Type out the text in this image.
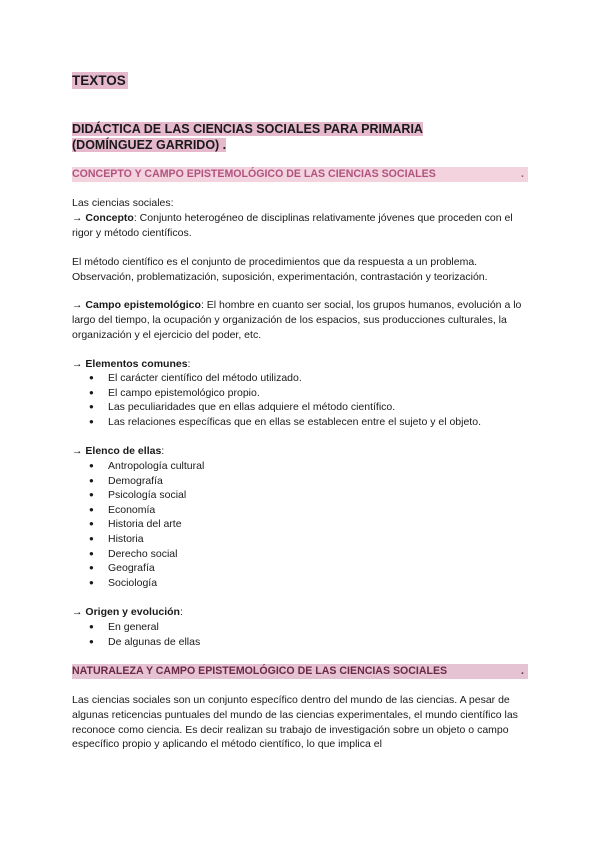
TEXTOS
DIDÁCTICA DE LAS CIENCIAS SOCIALES PARA PRIMARIA (DOMÍNGUEZ GARRIDO) .
CONCEPTO Y CAMPO EPISTEMOLÓGICO DE LAS CIENCIAS SOCIALES	.
Las ciencias sociales:
→ Concepto: Conjunto heterogéneo de disciplinas relativamente jóvenes que proceden con el rigor y método científicos.
El método científico es el conjunto de procedimientos que da respuesta a un problema. Observación, problematización, suposición, experimentación, contrastación y teorización.
→ Campo epistemológico: El hombre en cuanto ser social, los grupos humanos, evolución a lo largo del tiempo, la ocupación y organización de los espacios, sus producciones culturales, la organización y el ejercicio del poder, etc.
→ Elementos comunes:
● El carácter científico del método utilizado.
● El campo epistemológico propio.
● Las peculiaridades que en ellas adquiere el método científico.
● Las relaciones específicas que en ellas se establecen entre el sujeto y el objeto.
→ Elenco de ellas:
● Antropología cultural
● Demografía
● Psicología social
● Economía
● Historia del arte
● Historia
● Derecho social
● Geografía
● Sociología
→ Origen y evolución:
● En general
● De algunas de ellas
NATURALEZA Y CAMPO EPISTEMOLÓGICO DE LAS CIENCIAS SOCIALES	.
Las ciencias sociales son un conjunto específico dentro del mundo de las ciencias. A pesar de algunas reticencias puntuales del mundo de las ciencias experimentales, el mundo científico las reconoce como ciencia. Es decir realizan su trabajo de investigación sobre un objeto o campo específico propio y aplicando el método científico, lo que implica el
